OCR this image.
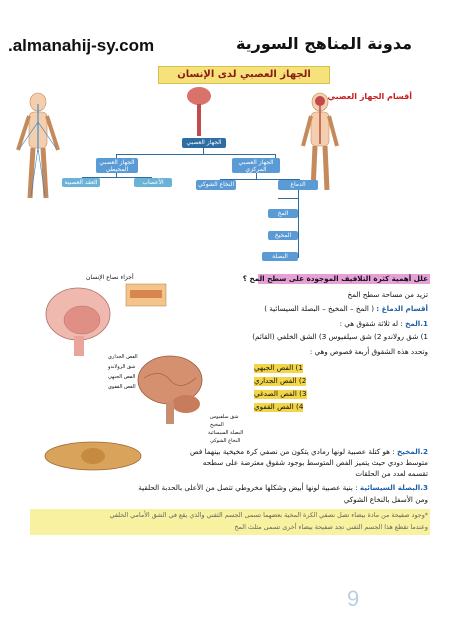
.almanahij-sy.com	مدونة المناهج السورية
الجهاز العصبي لدى الإنسان
أقسام الجهاز العصبي
الجهاز العصبي
الجهاز العصبي المحيطي
الجهاز العصبي المركزي
العقد العصبية	الأعصاب	النخاع الشوكي	الدماغ
المخ
المخيخ
البصلة السيسائية
أجزاء نصاع الإنسان
الفص الجداري
شق الرولاندو
الفص الجبهي
الفص القفوي
شق سلفيوس
المخيخ
البصلة السيسائية
النخاع الشوكي
علل أهمية كثرة التلافيف الموجودة على سطح المخ ؟
تزيد من مساحة سطح المخ
أقسام الدماغ : ( المخ – المخيخ – البصلة السيسائية )
1.المخ : له ثلاثة شقوق هي :
1) شق رولاندو 2) شق سيلفيوس 3) الشق الخلفي (القائم)
وتحدد هذه الشقوق أربعة فصوص وهي :
1) الفص الجبهي
2) الفص الجداري
3) الفص الصدغي
4) الفص القفوي
2.المخيخ : هو كتلة عصبية لونها رمادي يتكون من نصفي كرة مخيخية بينهما فص
متوسط دودي حيث يتميز الفص المتوسط بوجود شقوق معترضة على سطحه
تقسمه لعدد من الحلقات
3.البصلة السيسائية : بنية عصبية لونها أبيض وشكلها مخروطي تتصل من الأعلى بالحدبة الحلقية
ومن الأسفل بالنخاع الشوكي
*وجود صفيحة من مادة بيضاء تصل نصفي الكرة المخية بعضهما تسمى الجسم الثفني والذي يقع في الشق الأمامي الخلفي
وعندما تقطع هذا الجسم الثفني تجد صفيحة بيضاء أخرى تسمى مثلث المخ
9
